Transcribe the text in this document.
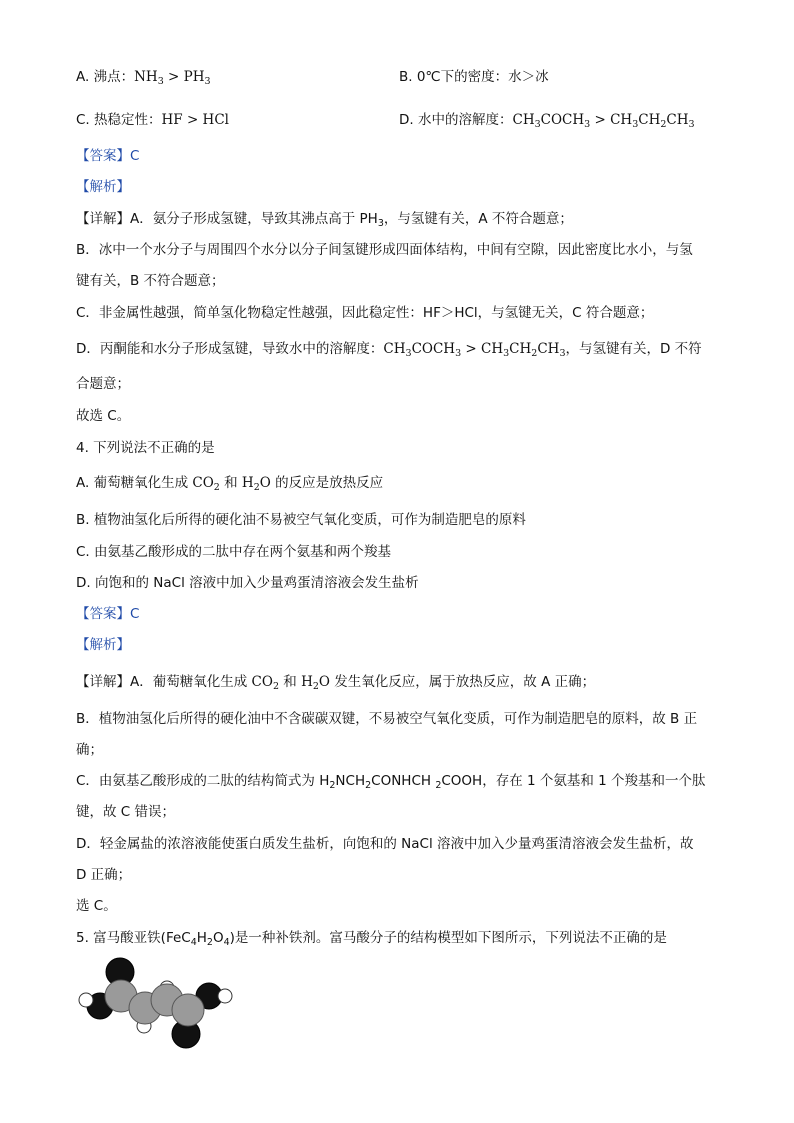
A. 沸点：$NH_3 > PH_3$	B. 0℃下的密度：水＞冰
C. 热稳定性：HF > HCl	D. 水中的溶解度：$CH_3COCH_3 > CH_3CH_2CH_3$
【答案】C
【解析】
【详解】A．氨分子形成氢键，导致其沸点高于 $PH_3$，与氢键有关，A 不符合题意；
B．冰中一个水分子与周围四个水分以分子间氢键形成四面体结构，中间有空隙，因此密度比水小，与氢
键有关，B 不符合题意；
C．非金属性越强，简单氢化物稳定性越强，因此稳定性：HF＞HCl，与氢键无关，C 符合题意；
D．丙酮能和水分子形成氢键，导致水中的溶解度：$CH_3COCH_3 > CH_3CH_2CH_3$，与氢键有关，D 不符
合题意；
故选 C。
4. 下列说法不正确的是
A. 葡萄糖氧化生成 $CO_2$ 和 $H_2O$ 的反应是放热反应
B. 植物油氢化后所得的硬化油不易被空气氧化变质，可作为制造肥皂的原料
C. 由氨基乙酸形成的二肽中存在两个氨基和两个羧基
D. 向饱和的 NaCl 溶液中加入少量鸡蛋清溶液会发生盐析
【答案】C
【解析】
【详解】A．葡萄糖氧化生成 $CO_2$ 和 $H_2O$ 发生氧化反应，属于放热反应，故 A 正确；
B．植物油氢化后所得的硬化油中不含碳碳双键，不易被空气氧化变质，可作为制造肥皂的原料，故 B 正
确；
C．由氨基乙酸形成的二肽的结构简式为 $H_2NCH_2CONHCH$ $_2$COOH，存在 1 个氨基和 1 个羧基和一个肽
键，故 C 错误；
D．轻金属盐的浓溶液能使蛋白质发生盐析，向饱和的 NaCl 溶液中加入少量鸡蛋清溶液会发生盐析，故
D 正确；
选 C。
5. 富马酸亚铁$(FeC_4H_2O_4)$是一种补铁剂。富马酸分子的结构模型如下图所示，下列说法不正确的是
